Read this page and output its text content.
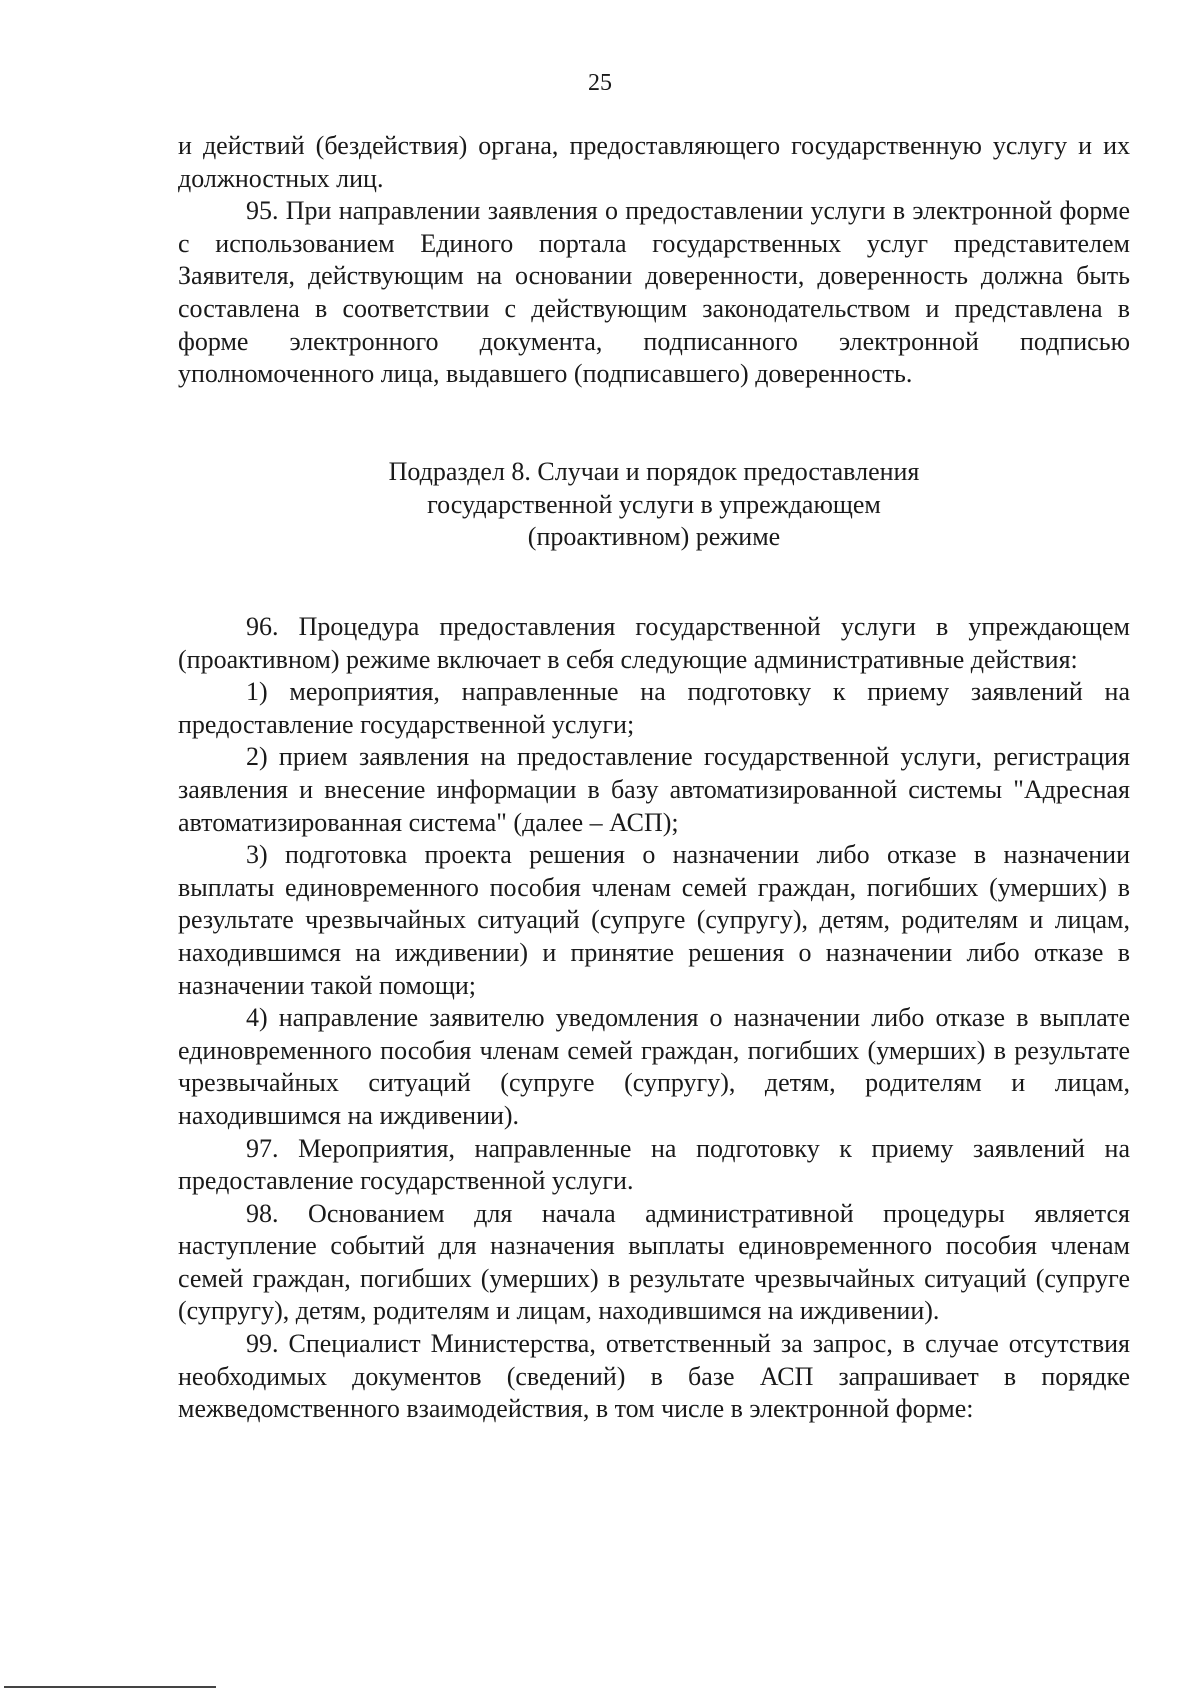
25

и действий (бездействия) органа, предоставляющего государственную услугу и их должностных лиц.

95. При направлении заявления о предоставлении услуги в электронной форме с использованием Единого портала государственных услуг представителем Заявителя, действующим на основании доверенности, доверенность должна быть составлена в соответствии с действующим законодательством и представлена в форме электронного документа, подписанного электронной подписью уполномоченного лица, выдавшего (подписавшего) доверенность.

Подраздел 8. Случаи и порядок предоставления
государственной услуги в упреждающем
(проактивном) режиме

96. Процедура предоставления государственной услуги в упреждающем (проактивном) режиме включает в себя следующие административные действия:

1) мероприятия, направленные на подготовку к приему заявлений на предоставление государственной услуги;

2) прием заявления на предоставление государственной услуги, регистрация заявления и внесение информации в базу автоматизированной системы "Адресная автоматизированная система" (далее – АСП);

3) подготовка проекта решения о назначении либо отказе в назначении выплаты единовременного пособия членам семей граждан, погибших (умерших) в результате чрезвычайных ситуаций (супруге (супругу), детям, родителям и лицам, находившимся на иждивении) и принятие решения о назначении либо отказе в назначении такой помощи;

4) направление заявителю уведомления о назначении либо отказе в выплате единовременного пособия членам семей граждан, погибших (умерших) в результате чрезвычайных ситуаций (супруге (супругу), детям, родителям и лицам, находившимся на иждивении).

97. Мероприятия, направленные на подготовку к приему заявлений на предоставление государственной услуги.

98. Основанием для начала административной процедуры является наступление событий для назначения выплаты единовременного пособия членам семей граждан, погибших (умерших) в результате чрезвычайных ситуаций (супруге (супругу), детям, родителям и лицам, находившимся на иждивении).

99. Специалист Министерства, ответственный за запрос, в случае отсутствия необходимых документов (сведений) в базе АСП запрашивает в порядке межведомственного взаимодействия, в том числе в электронной форме:
